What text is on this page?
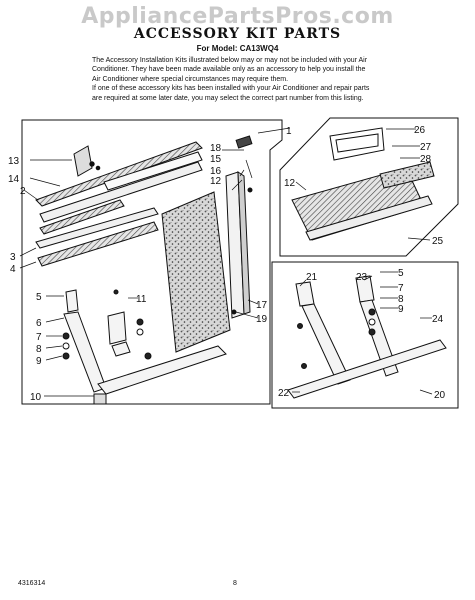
AppliancePartsPros.com
ACCESSORY KIT PARTS
For Model: CA13WQ4

The Accessory Installation Kits illustrated below may or may not be included with your Air Conditioner. They have been made available only as an accessory to help you install the Air Conditioner where special circumstances may require them.

If one of these accessory kits has been installed with your Air Conditioner and repair parts are required at some later date, you may select the correct part number from this listing.

1
2
3
4
5
6
7
8
9
10
11
12
13
14
15
16
17
18
19
12
25
26
27
28
21	23	5
7
8
9
24
22	20
4316314	8
